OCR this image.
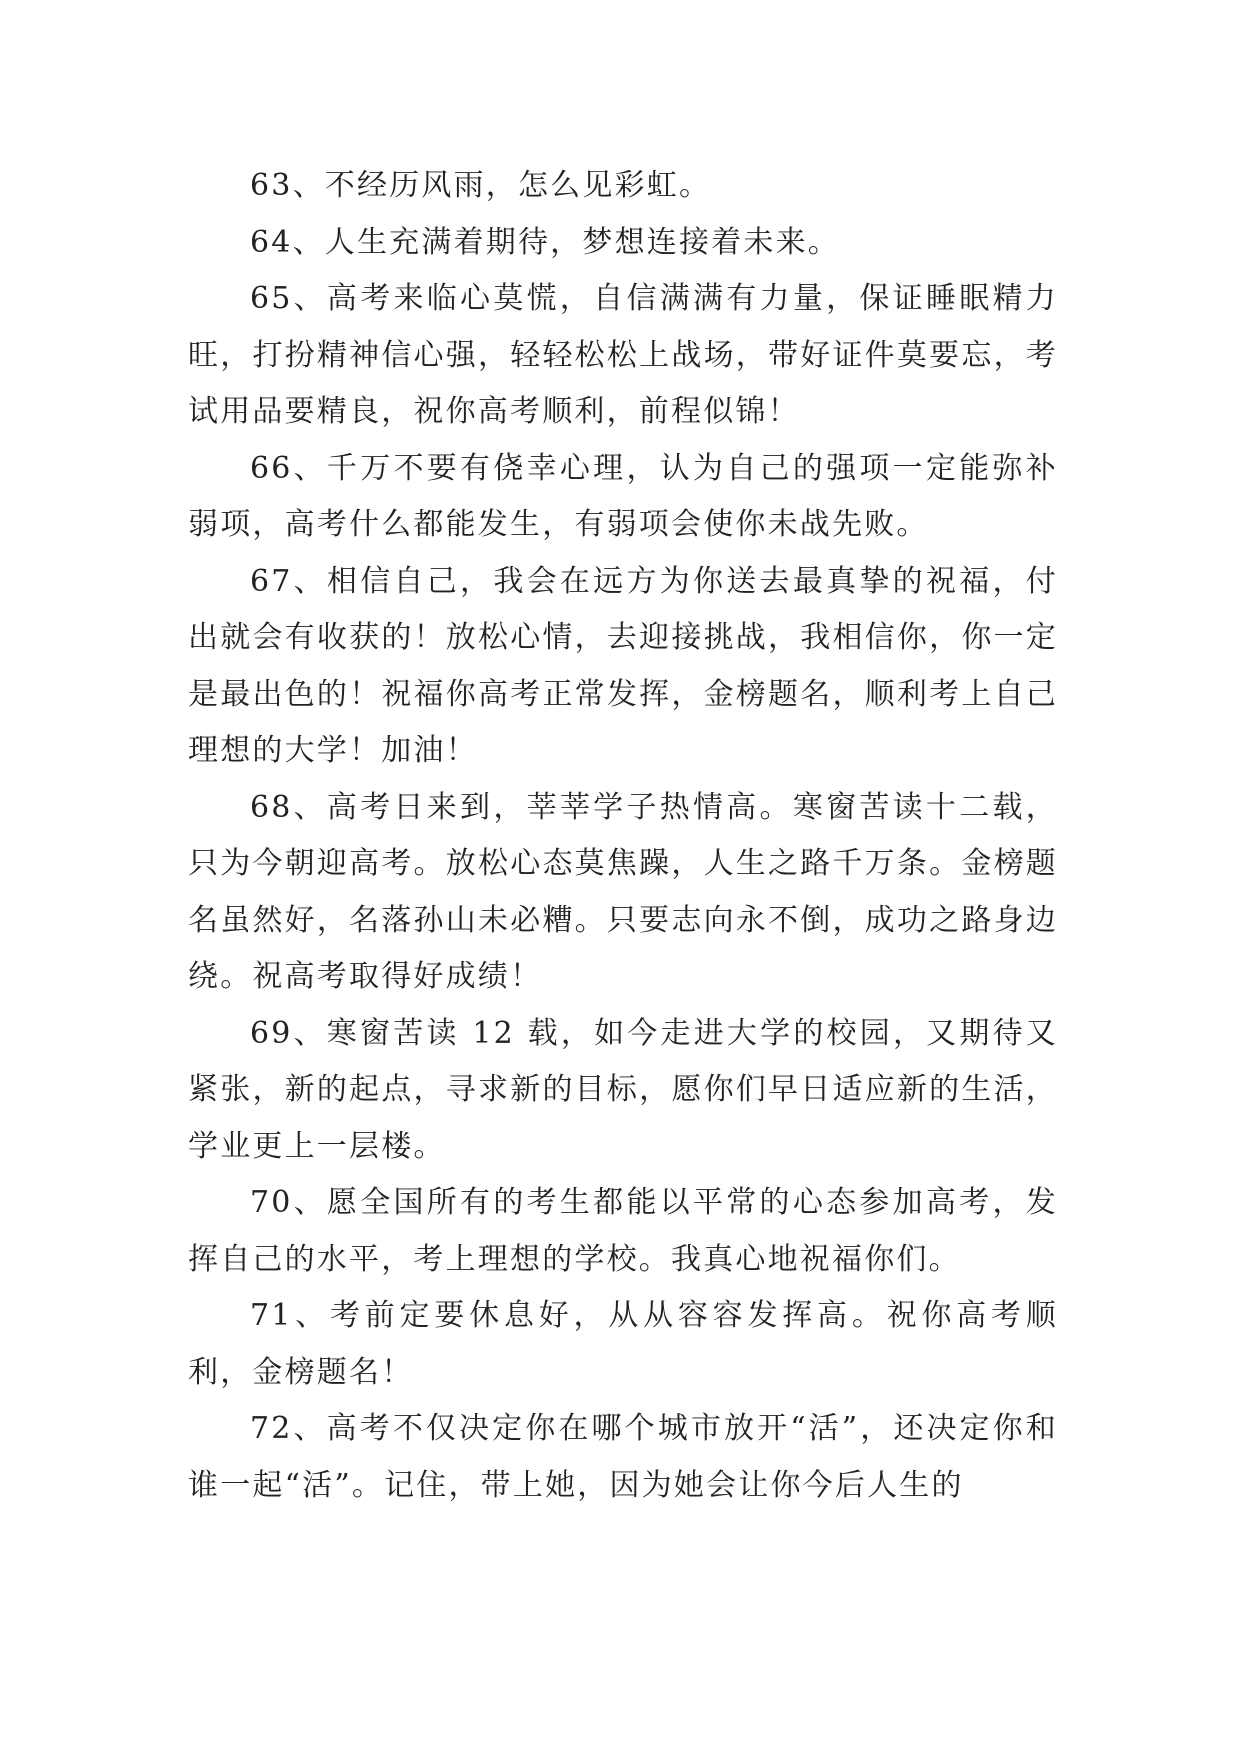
63、不经历风雨，怎么见彩虹。

64、人生充满着期待，梦想连接着未来。

65、高考来临心莫慌，自信满满有力量，保证睡眠精力旺，打扮精神信心强，轻轻松松上战场，带好证件莫要忘，考试用品要精良，祝你高考顺利，前程似锦！

66、千万不要有侥幸心理，认为自己的强项一定能弥补弱项，高考什么都能发生，有弱项会使你未战先败。

67、相信自己，我会在远方为你送去最真挚的祝福，付出就会有收获的！放松心情，去迎接挑战，我相信你，你一定是最出色的！祝福你高考正常发挥，金榜题名，顺利考上自己理想的大学！加油！

68、高考日来到，莘莘学子热情高。寒窗苦读十二载，只为今朝迎高考。放松心态莫焦躁，人生之路千万条。金榜题名虽然好，名落孙山未必糟。只要志向永不倒，成功之路身边绕。祝高考取得好成绩！

69、寒窗苦读 12 载，如今走进大学的校园，又期待又紧张，新的起点，寻求新的目标，愿你们早日适应新的生活，学业更上一层楼。

70、愿全国所有的考生都能以平常的心态参加高考，发挥自己的水平，考上理想的学校。我真心地祝福你们。

71、考前定要休息好，从从容容发挥高。祝你高考顺利，金榜题名！

72、高考不仅决定你在哪个城市放开“活”，还决定你和谁一起“活”。记住，带上她，因为她会让你今后人生的
